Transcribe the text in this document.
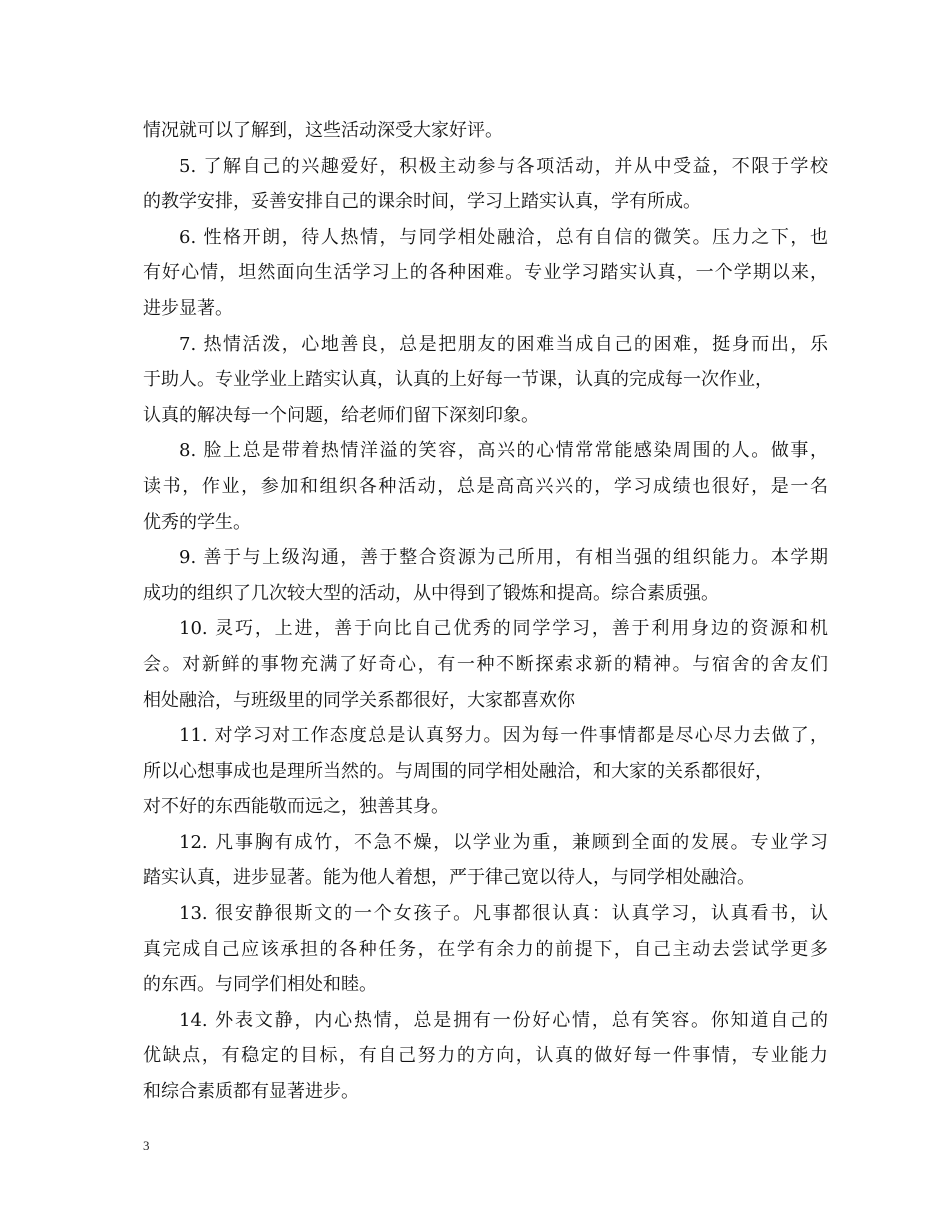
情况就可以了解到，这些活动深受大家好评。
5. 了解自己的兴趣爱好，积极主动参与各项活动，并从中受益，不限于学校
的教学安排，妥善安排自己的课余时间，学习上踏实认真，学有所成。
6. 性格开朗，待人热情，与同学相处融洽，总有自信的微笑。压力之下，也
有好心情，坦然面向生活学习上的各种困难。专业学习踏实认真，一个学期以来，
进步显著。
7. 热情活泼，心地善良，总是把朋友的困难当成自己的困难，挺身而出，乐
于助人。专业学业上踏实认真，认真的上好每一节课，认真的完成每一次作业，
认真的解决每一个问题，给老师们留下深刻印象。
8. 脸上总是带着热情洋溢的笑容，高兴的心情常常能感染周围的人。做事，
读书，作业，参加和组织各种活动，总是高高兴兴的，学习成绩也很好，是一名
优秀的学生。
9. 善于与上级沟通，善于整合资源为己所用，有相当强的组织能力。本学期
成功的组织了几次较大型的活动，从中得到了锻炼和提高。综合素质强。
10. 灵巧，上进，善于向比自己优秀的同学学习，善于利用身边的资源和机
会。对新鲜的事物充满了好奇心，有一种不断探索求新的精神。与宿舍的舍友们
相处融洽，与班级里的同学关系都很好，大家都喜欢你
11. 对学习对工作态度总是认真努力。因为每一件事情都是尽心尽力去做了，
所以心想事成也是理所当然的。与周围的同学相处融洽，和大家的关系都很好，
对不好的东西能敬而远之，独善其身。
12. 凡事胸有成竹，不急不燥，以学业为重，兼顾到全面的发展。专业学习
踏实认真，进步显著。能为他人着想，严于律己宽以待人，与同学相处融洽。
13. 很安静很斯文的一个女孩子。凡事都很认真：认真学习，认真看书，认
真完成自己应该承担的各种任务，在学有余力的前提下，自己主动去尝试学更多
的东西。与同学们相处和睦。
14. 外表文静，内心热情，总是拥有一份好心情，总有笑容。你知道自己的
优缺点，有稳定的目标，有自己努力的方向，认真的做好每一件事情，专业能力
和综合素质都有显著进步。
3
